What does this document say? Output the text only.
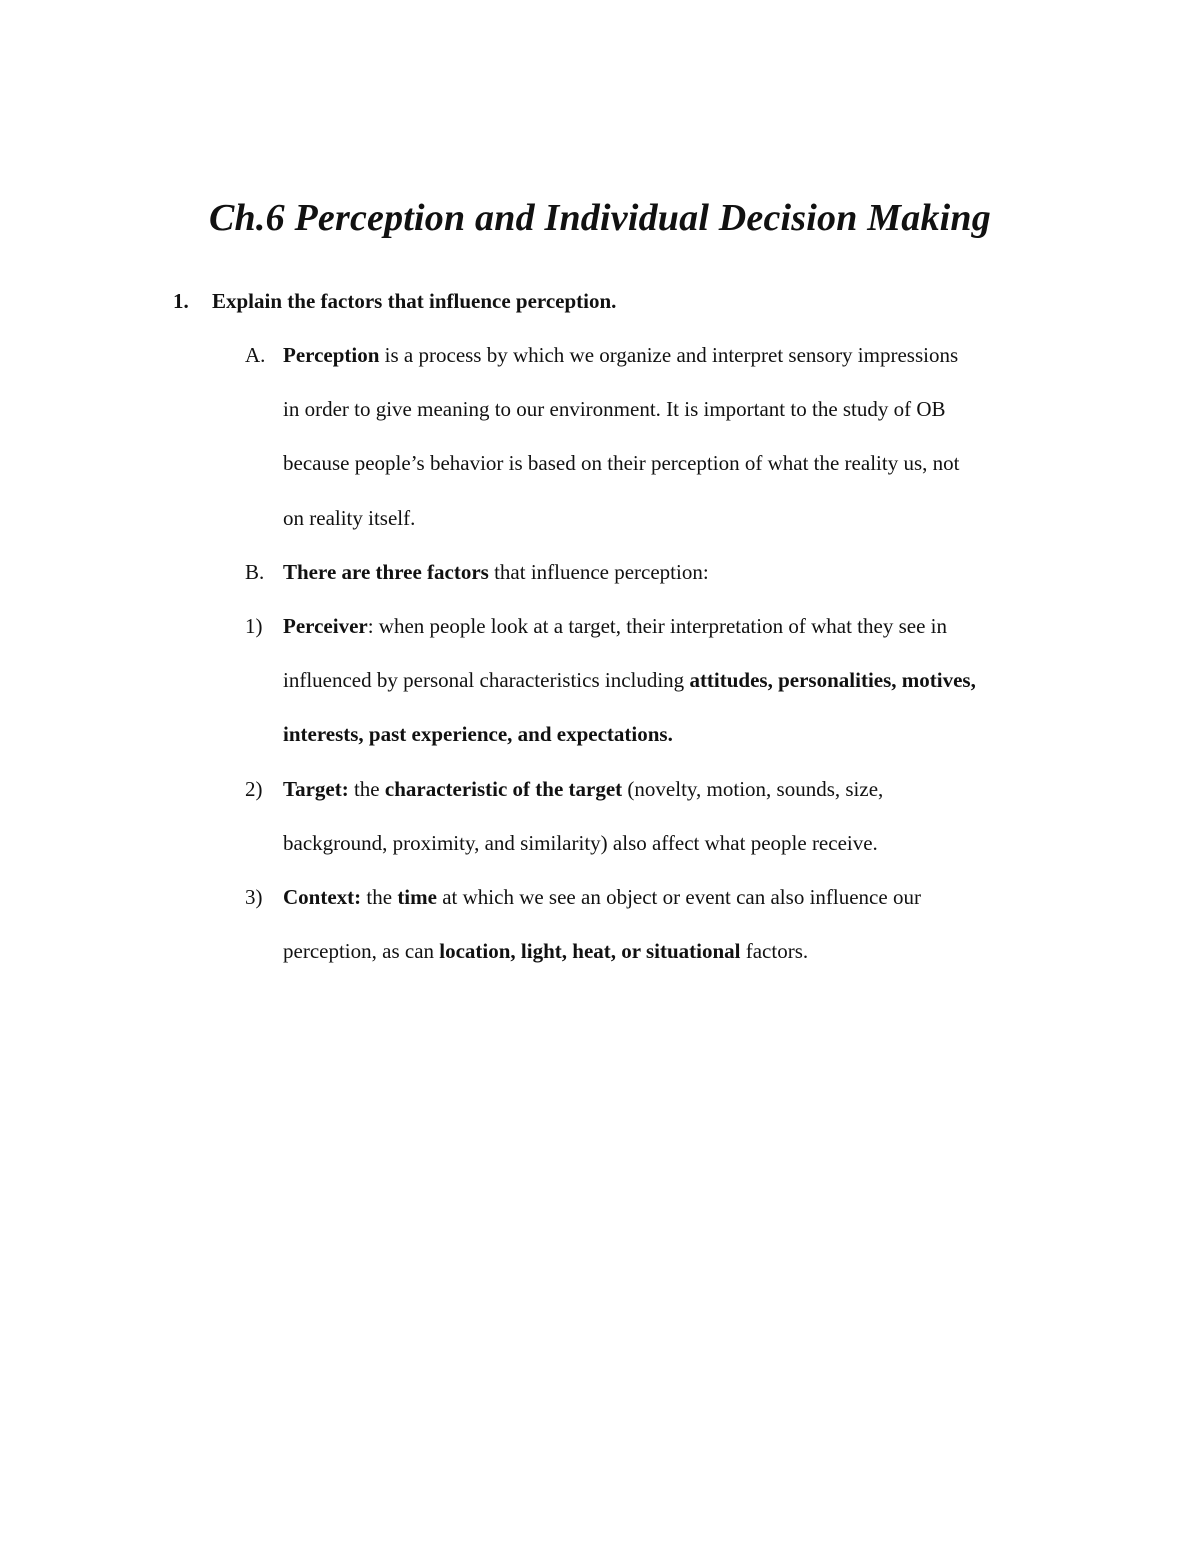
Ch.6 Perception and Individual Decision Making
1. Explain the factors that influence perception.
A. Perception is a process by which we organize and interpret sensory impressions
in order to give meaning to our environment. It is important to the study of OB
because people’s behavior is based on their perception of what the reality us, not
on reality itself.
B. There are three factors that influence perception:
1) Perceiver: when people look at a target, their interpretation of what they see in
influenced by personal characteristics including attitudes, personalities, motives,
interests, past experience, and expectations.
2) Target: the characteristic of the target (novelty, motion, sounds, size,
background, proximity, and similarity) also affect what people receive.
3) Context: the time at which we see an object or event can also influence our
perception, as can location, light, heat, or situational factors.
